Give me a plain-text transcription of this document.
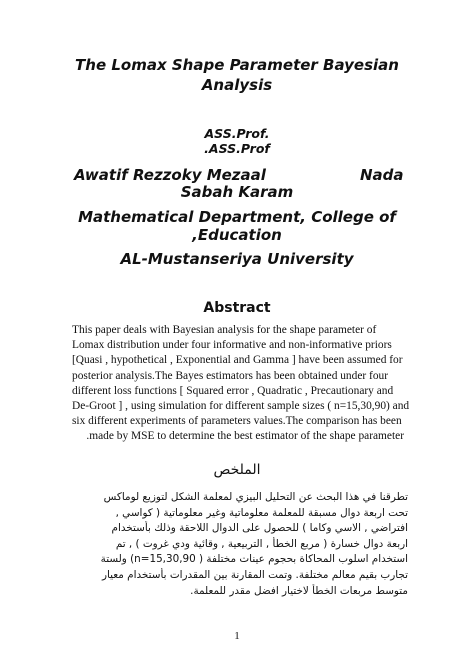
The Lomax Shape Parameter Bayesian
Analysis
ASS.Prof.
.ASS.Prof
Awatif Rezzoky Mezaal	Nada
Sabah Karam
Mathematical Department, College of
,Education
AL-Mustanseriya University
Abstract
This paper deals with Bayesian analysis for the shape parameter of
Lomax distribution under four informative and non-informative priors
[Quasi , hypothetical , Exponential and Gamma ] have been assumed for
posterior analysis.The Bayes estimators has been obtained under four
different loss functions [ Squared error , Quadratic , Precautionary and
De-Groot ] , using simulation for different sample sizes ( n=15,30,90) and
six different experiments of parameters values.The comparison has been
.made by MSE to determine the best estimator of the shape parameter
الملخص
تطرقنا في هذا البحث عن التحليل البيزي لمعلمة الشكل لتوزيع لوماكس
تحت اربعة دوال مسبقة للمعلمة معلوماتية وغير معلوماتية ( كواسي ,
افتراضي , الاسي وكاما ) للحصول على الدوال اللاحقة وذلك بأستخدام
اربعة دوال خسارة ( مربع الخطأ , التربيعية , وقائية ودي غروت ) , تم
استخدام اسلوب المحاكاة بحجوم عينات مختلفة ( n=15,30,90) ولستة
تجارب بقيم معالم مختلفة. وتمت المقارنة بين المقدرات بأستخدام معيار
متوسط مربعات الخطأ لاختيار افضل مقدر للمعلمة.
1
